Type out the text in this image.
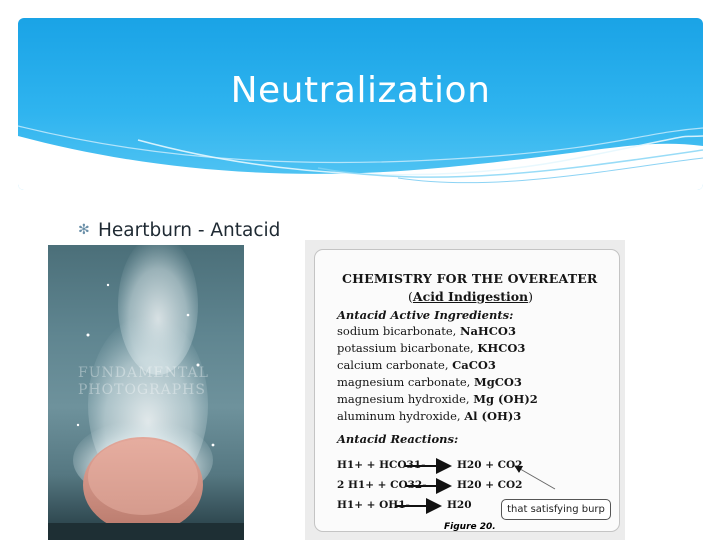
Neutralization
✻ Heartburn - Antacid
FUNDAMENTAL
PHOTOGRAPHS
CHEMISTRY FOR THE OVEREATER
(Acid Indigestion)
Antacid Active Ingredients:
sodium bicarbonate, NaHCO3
potassium bicarbonate, KHCO3
calcium carbonate, CaCO3
magnesium carbonate, MgCO3
magnesium hydroxide, Mg (OH)2
aluminum hydroxide, Al (OH)3
Antacid Reactions:
H1+ + HCO31-	H20 + CO2
2 H1+ + CO32-	H20 + CO2
H1+ + OH1-	H20	that satisfying burp
Figure 20.
